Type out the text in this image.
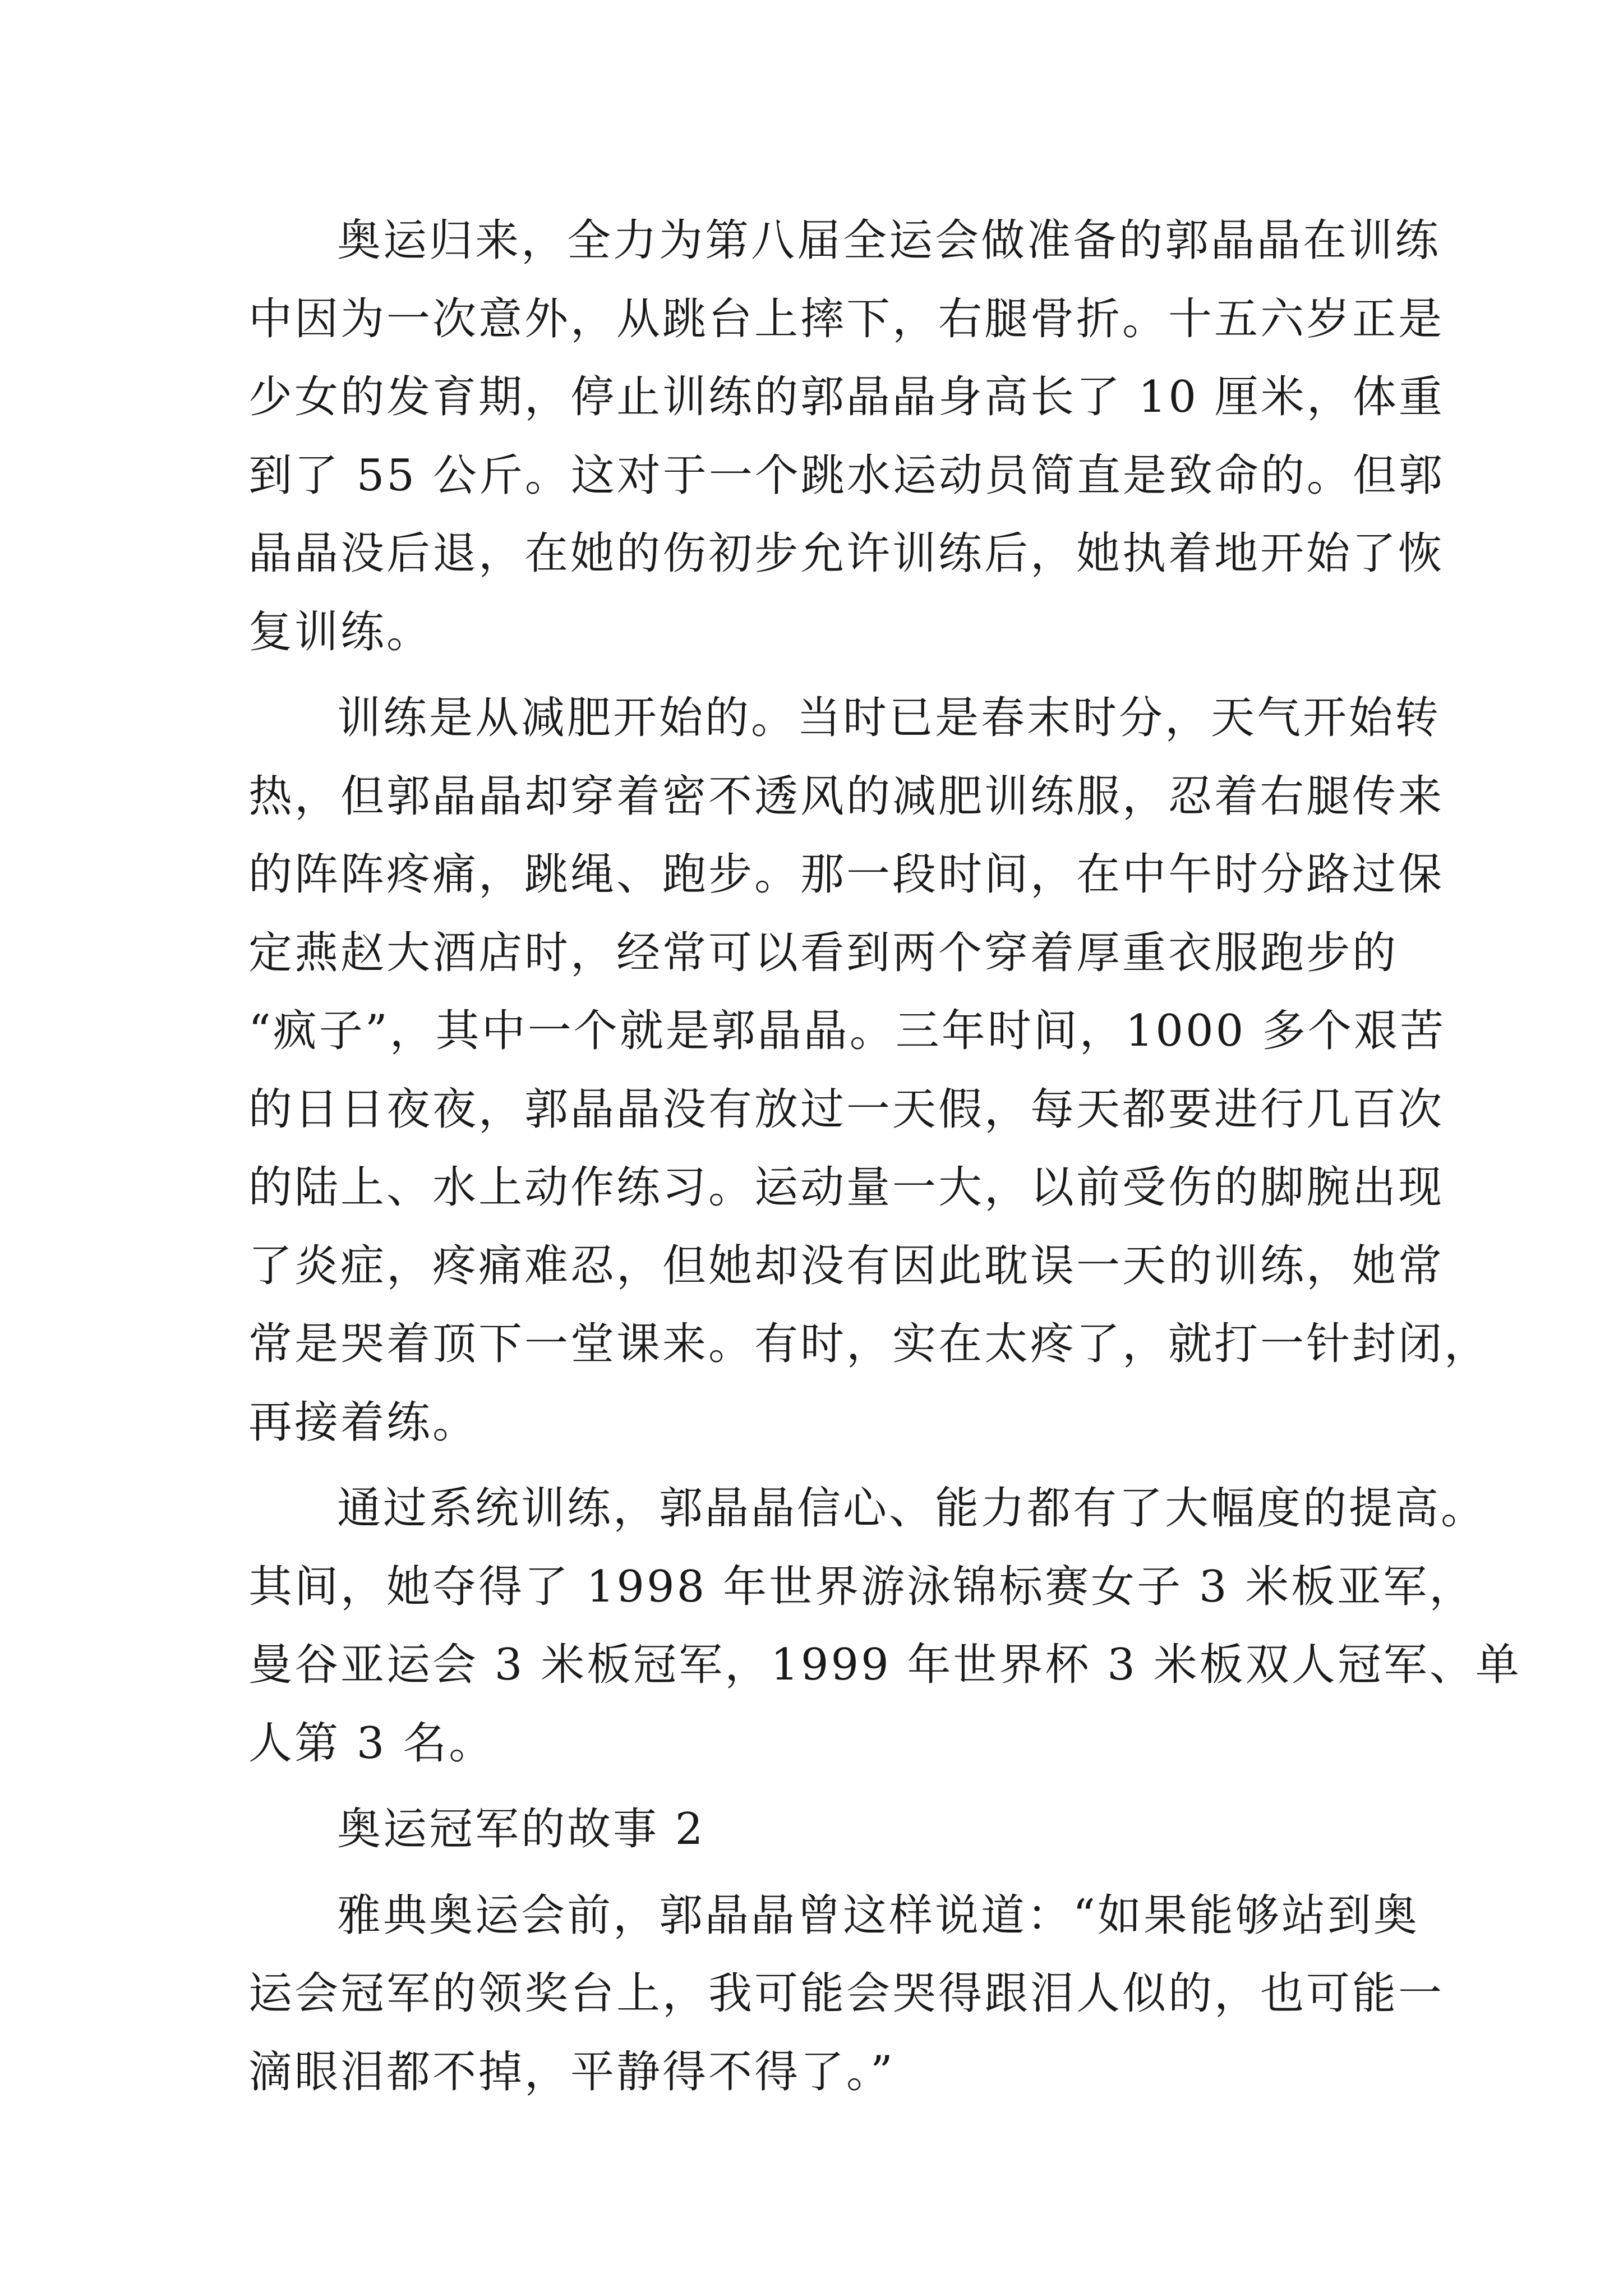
奥运归来，全力为第八届全运会做准备的郭晶晶在训练
中因为一次意外，从跳台上摔下，右腿骨折。十五六岁正是
少女的发育期，停止训练的郭晶晶身高长了 10 厘米，体重
到了 55 公斤。这对于一个跳水运动员简直是致命的。但郭
晶晶没后退，在她的伤初步允许训练后，她执着地开始了恢
复训练。
训练是从减肥开始的。当时已是春末时分，天气开始转
热，但郭晶晶却穿着密不透风的减肥训练服，忍着右腿传来
的阵阵疼痛，跳绳、跑步。那一段时间，在中午时分路过保
定燕赵大酒店时，经常可以看到两个穿着厚重衣服跑步的
“疯子”，其中一个就是郭晶晶。三年时间，1000 多个艰苦
的日日夜夜，郭晶晶没有放过一天假，每天都要进行几百次
的陆上、水上动作练习。运动量一大，以前受伤的脚腕出现
了炎症，疼痛难忍，但她却没有因此耽误一天的训练，她常
常是哭着顶下一堂课来。有时，实在太疼了，就打一针封闭，
再接着练。
通过系统训练，郭晶晶信心、能力都有了大幅度的提高。
其间，她夺得了 1998 年世界游泳锦标赛女子 3 米板亚军，
曼谷亚运会 3 米板冠军，1999 年世界杯 3 米板双人冠军、单
人第 3 名。
奥运冠军的故事 2
雅典奥运会前，郭晶晶曾这样说道：“如果能够站到奥
运会冠军的领奖台上，我可能会哭得跟泪人似的，也可能一
滴眼泪都不掉，平静得不得了。”
